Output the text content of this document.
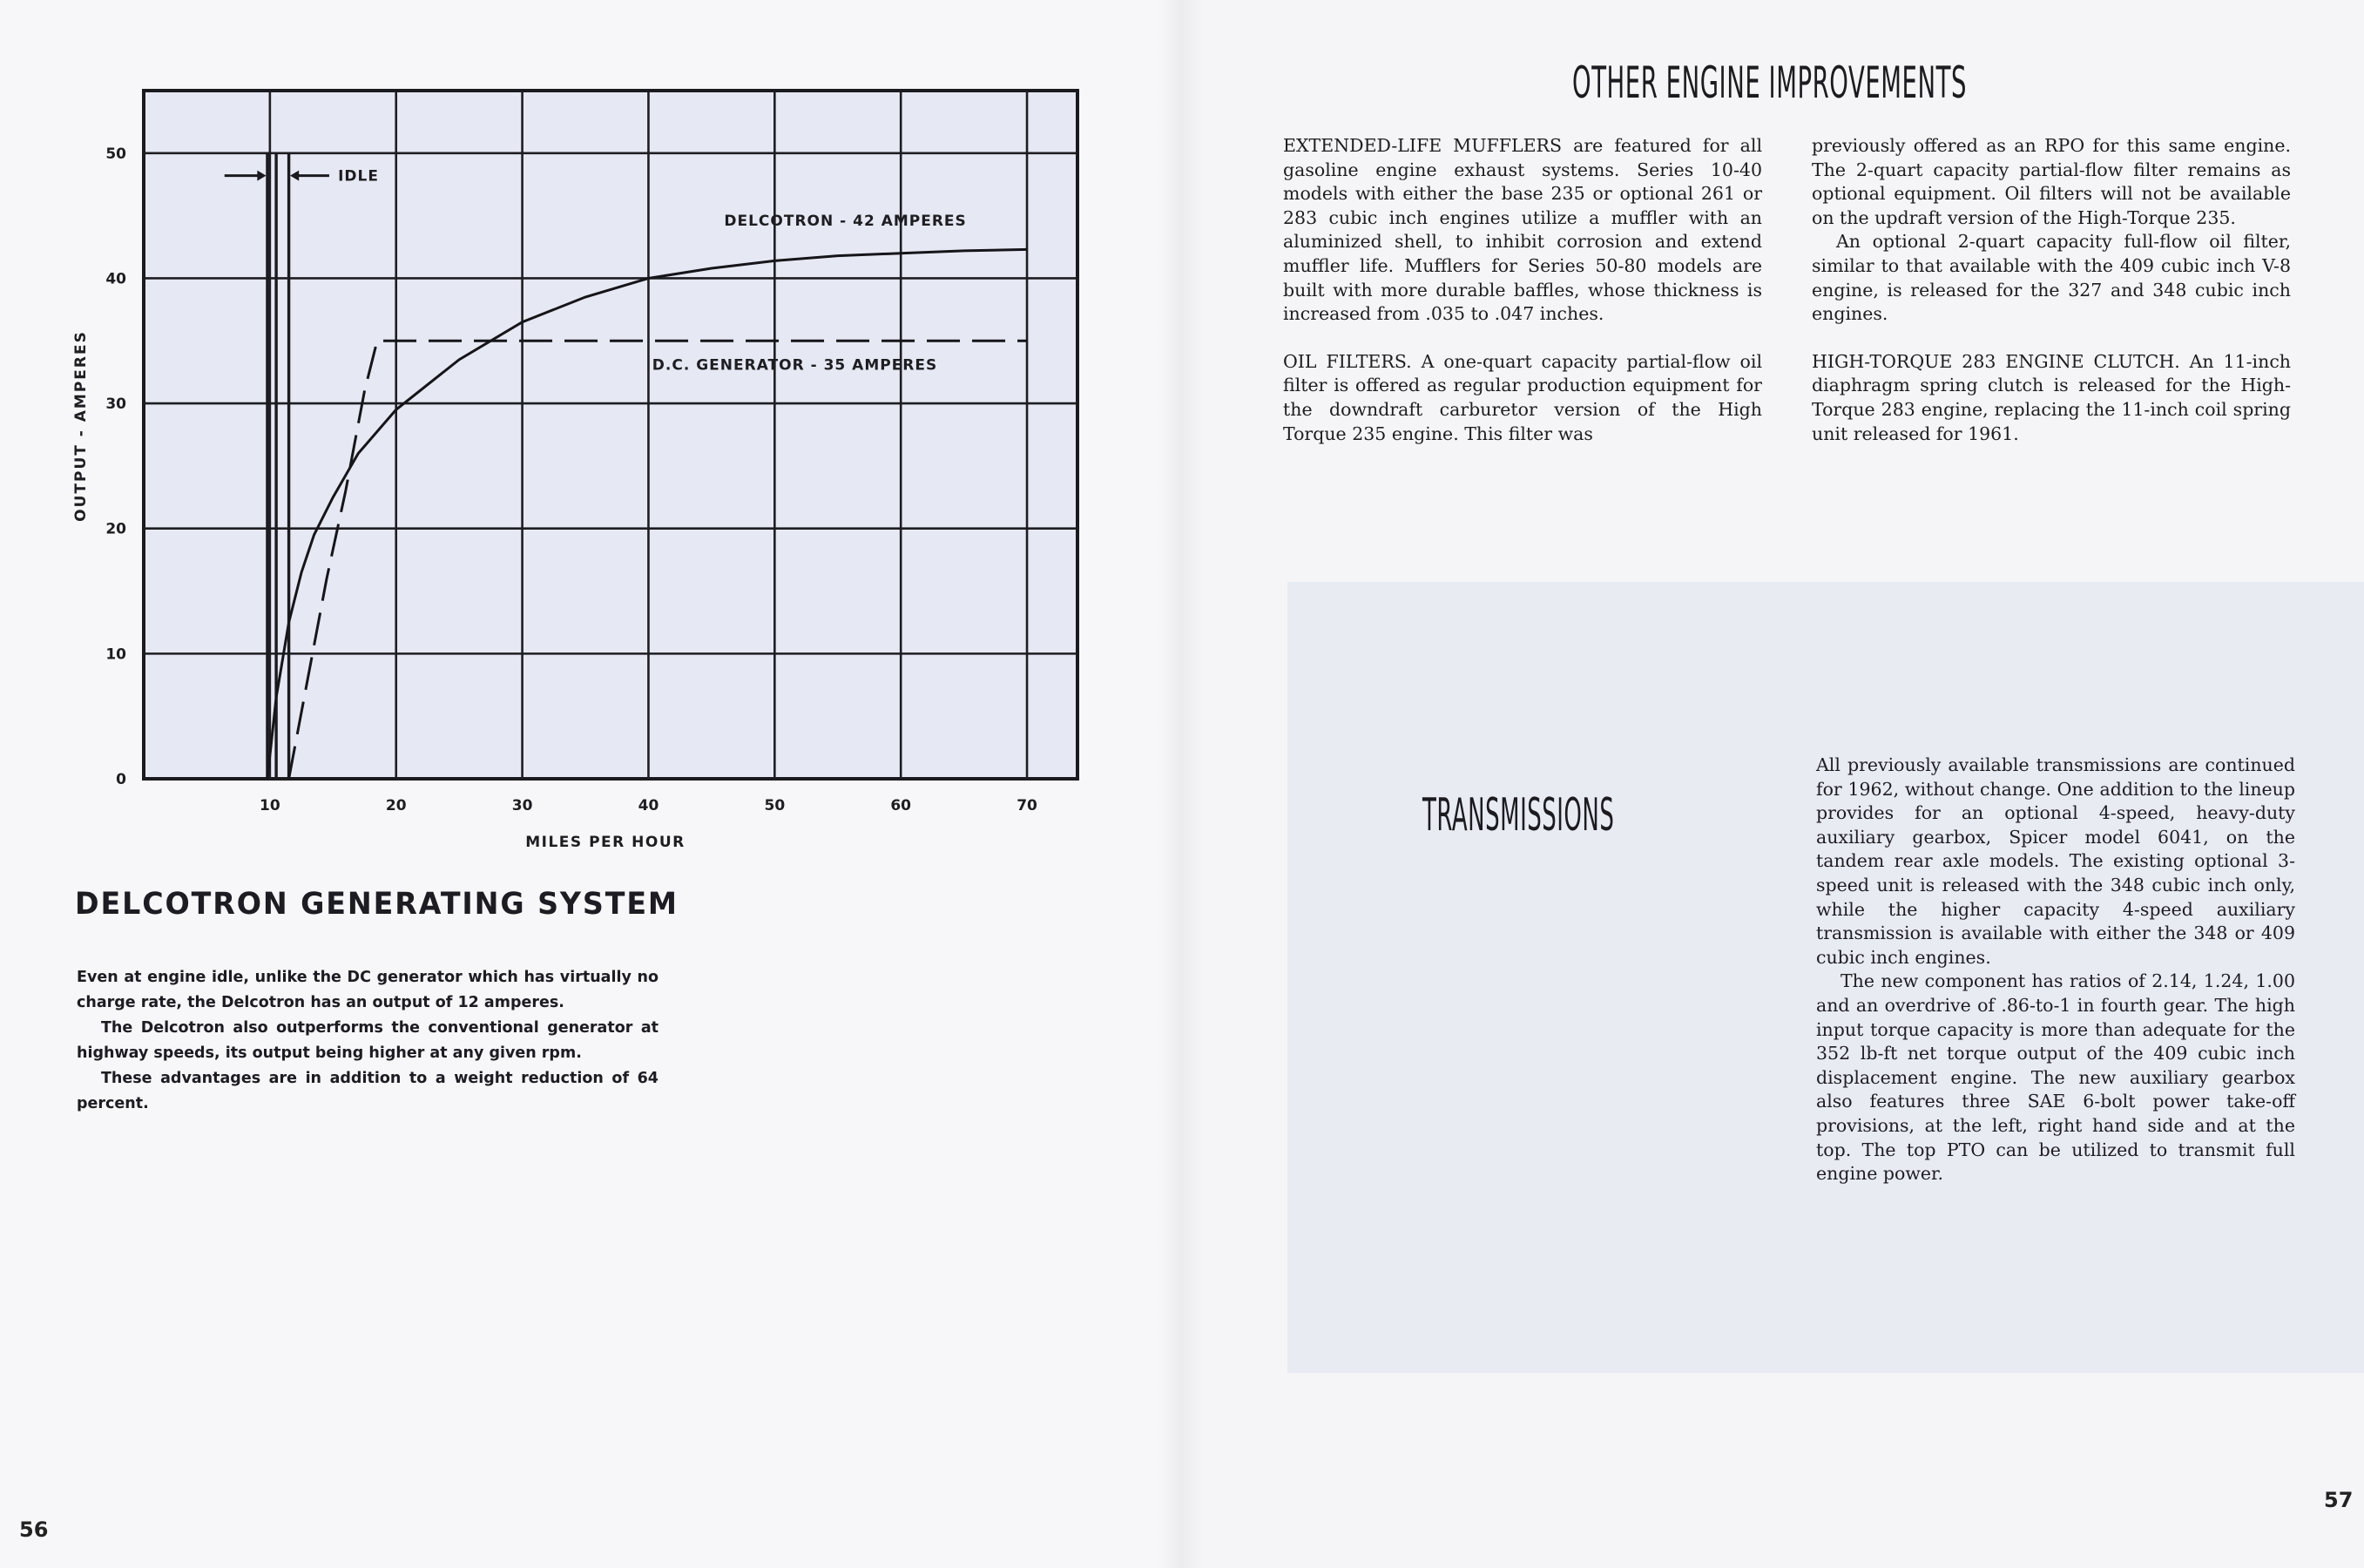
10	20	30	40	50	60	70
0
10
20
30
40
50
OUTPUT - AMPERES
MILES PER HOUR
DELCOTRON - 42 AMPERES
D.C. GENERATOR - 35 AMPERES
IDLE
DELCOTRON GENERATING SYSTEM

Even at engine idle, unlike the DC generator which has virtually no charge rate, the Delcotron has an output of 12 amperes.

The Delcotron also outperforms the conventional generator at highway speeds, its output being higher at any given rpm.

These advantages are in addition to a weight reduction of 64 percent.

56
OTHER ENGINE IMPROVEMENTS

EXTENDED-LIFE MUFFLERS are featured for all gasoline engine exhaust systems. Series 10-40 models with either the base 235 or optional 261 or 283 cubic inch engines utilize a muffler with an aluminized shell, to inhibit corrosion and extend muffler life. Mufflers for Series 50-80 models are built with more durable baffles, whose thickness is increased from .035 to .047 inches.

OIL FILTERS. A one-quart capacity partial-flow oil filter is offered as regular production equipment for the downdraft carburetor version of the High Torque 235 engine. This filter was

previously offered as an RPO for this same engine. The 2-quart capacity partial-flow filter remains as optional equipment. Oil filters will not be available on the updraft version of the High-Torque 235.

An optional 2-quart capacity full-flow oil filter, similar to that available with the 409 cubic inch V-8 engine, is released for the 327 and 348 cubic inch engines.

HIGH-TORQUE 283 ENGINE CLUTCH. An 11-inch diaphragm spring clutch is released for the High-Torque 283 engine, replacing the 11-inch coil spring unit released for 1961.

TRANSMISSIONS

All previously available transmissions are continued for 1962, without change. One addition to the lineup provides for an optional 4-speed, heavy-duty auxiliary gearbox, Spicer model 6041, on the tandem rear axle models. The existing optional 3-speed unit is released with the 348 cubic inch only, while the higher capacity 4-speed auxiliary transmission is available with either the 348 or 409 cubic inch engines.

The new component has ratios of 2.14, 1.24, 1.00 and an overdrive of .86-to-1 in fourth gear. The high input torque capacity is more than adequate for the 352 lb-ft net torque output of the 409 cubic inch displacement engine. The new auxiliary gearbox also features three SAE 6-bolt power take-off provisions, at the left, right hand side and at the top. The top PTO can be utilized to transmit full engine power.

57
